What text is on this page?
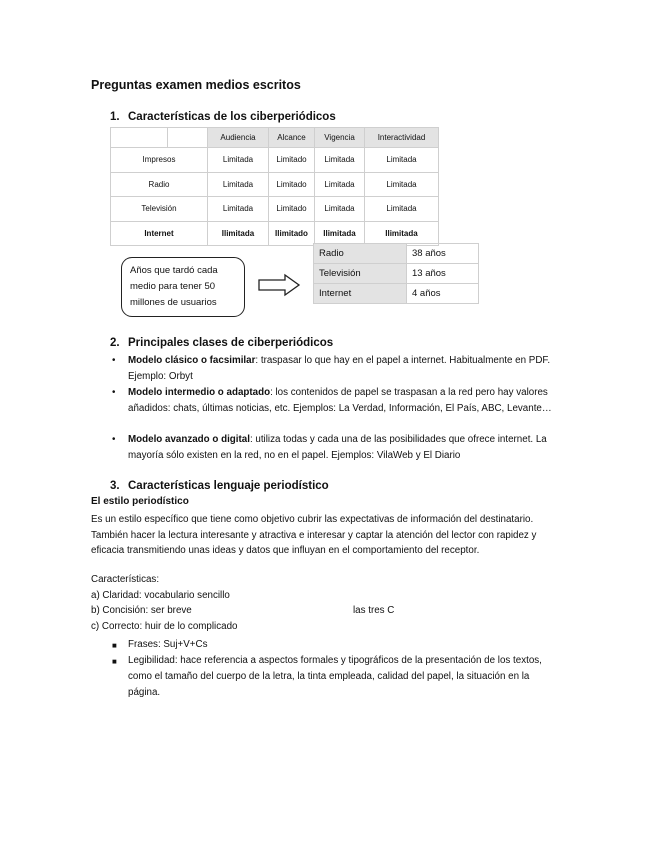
Preguntas examen medios escritos
1. Características de los ciberperiódicos
		Audiencia	Alcance	Vigencia	Interactividad
Impresos		Limitada	Limitado	Limitada	Limitada
Radio		Limitada	Limitado	Limitada	Limitada
Televisión		Limitada	Limitado	Limitada	Limitada
Internet		Ilimitada	Ilimitado	Ilimitada	Ilimitada
Años que tardó cada medio para tener 50 millones de usuarios
Radio	38 años
Televisión	13 años
Internet	4 años
2. Principales clases de ciberperiódicos
• Modelo clásico o facsimilar: traspasar lo que hay en el papel a internet. Habitualmente en PDF. Ejemplo: Orbyt
• Modelo intermedio o adaptado: los contenidos de papel se traspasan a la red pero hay valores añadidos: chats, últimas noticias, etc. Ejemplos: La Verdad, Información, El País, ABC, Levante…
• Modelo avanzado o digital: utiliza todas y cada una de las posibilidades que ofrece internet. La mayoría sólo existen en la red, no en el papel. Ejemplos: VilaWeb y El Diario
3. Características lenguaje periodístico
El estilo periodístico
Es un estilo específico que tiene como objetivo cubrir las expectativas de información del destinatario. También hacer la lectura interesante y atractiva e interesar y captar la atención del lector con rapidez y eficacia transmitiendo unas ideas y datos que influyan en el comportamiento del receptor.
Características:
a) Claridad: vocabulario sencillo
b) Concisión: ser breve	las tres C
c) Correcto: huir de lo complicado
■ Frases: Suj+V+Cs
■ Legibilidad: hace referencia a aspectos formales y tipográficos de la presentación de los textos, como el tamaño del cuerpo de la letra, la tinta empleada, calidad del papel, la situación en la página.
